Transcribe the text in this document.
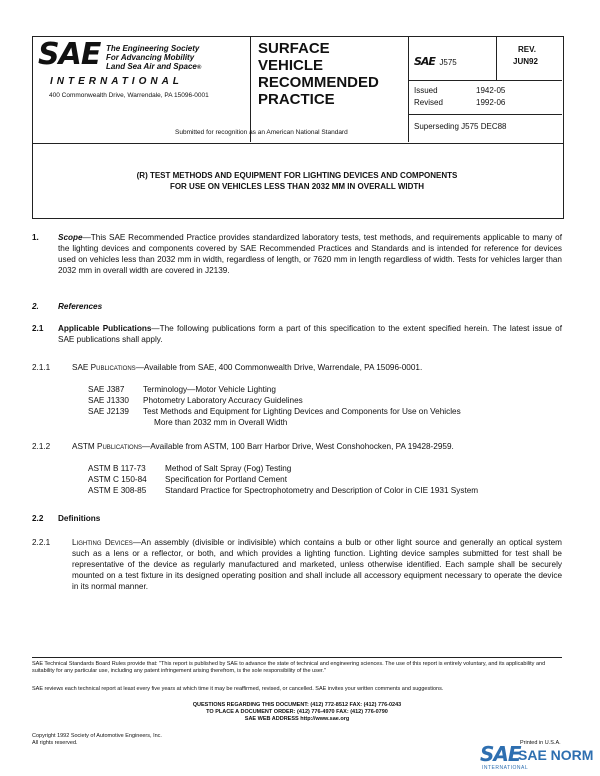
SAE The Engineering Society
For Advancing Mobility
Land Sea Air and Space®
INTERNATIONAL
400 Commonwealth Drive, Warrendale, PA 15096-0001
SURFACE
VEHICLE
RECOMMENDED
PRACTICE
Submitted for recognition as an American National Standard
SAE J575
REV.
JUN92
Issued	1942-05
Revised	1992-06
Superseding J575 DEC88
(R) TEST METHODS AND EQUIPMENT FOR LIGHTING DEVICES AND COMPONENTS
FOR USE ON VEHICLES LESS THAN 2032 MM IN OVERALL WIDTH
1. Scope—This SAE Recommended Practice provides standardized laboratory tests, test methods, and requirements applicable to many of the lighting devices and components covered by SAE Recommended Practices and Standards and is intended for reference for devices used on vehicles less than 2032 mm in width, regardless of length, or 7620 mm in length regardless of width. Tests for vehicles larger than 2032 mm in overall width are covered in J2139.
2. References
2.1 Applicable Publications—The following publications form a part of this specification to the extent specified herein. The latest issue of SAE publications shall apply.
2.1.1	SAE Publications—Available from SAE, 400 Commonwealth Drive, Warrendale, PA 15096-0001.
SAE J387 Terminology—Motor Vehicle Lighting
SAE J1330 Photometry Laboratory Accuracy Guidelines
SAE J2139 Test Methods and Equipment for Lighting Devices and Components for Use on Vehicles
More than 2032 mm in Overall Width
2.1.2	ASTM Publications—Available from ASTM, 100 Barr Harbor Drive, West Conshohocken, PA 19428-2959.
ASTM B 117-73 Method of Salt Spray (Fog) Testing
ASTM C 150-84 Specification for Portland Cement
ASTM E 308-85 Standard Practice for Spectrophotometry and Description of Color in CIE 1931 System
2.2 Definitions
2.2.1	Lighting Devices—An assembly (divisible or indivisible) which contains a bulb or other light source and generally an optical system such as a lens or a reflector, or both, and which provides a lighting function. Lighting device samples submitted for test shall be representative of the device as regularly manufactured and marketed, unless otherwise identified. Each sample shall be securely mounted on a test fixture in its designed operating position and shall include all accessory equipment necessary to operate the device in its normal manner.
SAE Technical Standards Board Rules provide that: "This report is published by SAE to advance the state of technical and engineering sciences. The use of this report is entirely voluntary, and its applicability and suitability for any particular use, including any patent infringement arising therefrom, is the sole responsibility of the user."
SAE reviews each technical report at least every five years at which time it may be reaffirmed, revised, or cancelled. SAE invites your written comments and suggestions.
QUESTIONS REGARDING THIS DOCUMENT: (412) 772-8512 FAX: (412) 776-0243
TO PLACE A DOCUMENT ORDER: (412) 776-4970 FAX: (412) 776-0790
SAE WEB ADDRESS http://www.sae.org
Copyright 1992 Society of Automotive Engineers, Inc.
All rights reserved.	Printed in U.S.A.
SAE
SAE NORM
INTERNATIONAL
